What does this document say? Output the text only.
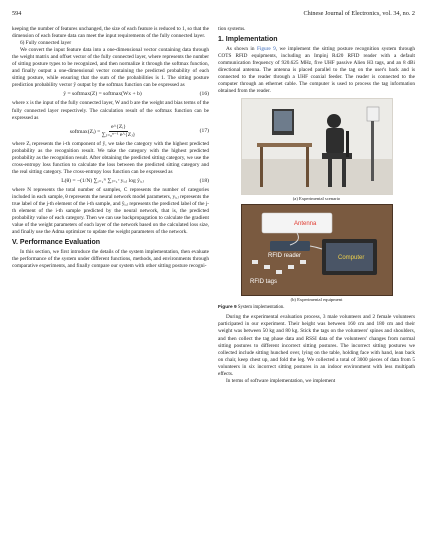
594	Chinese Journal of Electronics, vol. 34, no. 2

keeping the number of features unchanged, the size of each feature is reduced to 1, so that the dimension of each feature data can meet the input requirements of the fully connected layer.

6) Fully connected layer

We convert the input feature data into a one-dimensional vector containing data through the weight matrix and offset vector of the fully connected layer, where represents the number of sitting posture types to be recognized, and then normalize it through the softmax function, and finally output a one-dimensional vector containing the predicted probability of each sitting posture, while ensuring that the sum of the probabilities is 1. The sitting posture prediction probability vector ŷ output by the softmax function can be expressed as

ŷ = softmax(Z) = softmax(Wx + b)	(16)

where x is the input of the fully connected layer, W and b are the weight and bias terms of the fully connected layer respectively. The calculation result of the softmax function can be expressed as

softmax(Zᵢ) = $\frac{\text{e\textasciicircum{}\{Zᵢ\}}}{\text{∑ⱼ₌₀ⁿ⁻¹ e\textasciicircum{}\{Zⱼ\}}}$	(17)

where Zᵢ represents the i-th component of ŷ, we take the category with the highest predicted probability as the recognition result. We take the category with the highest predicted probability as the recognition result. After obtaining the predicted sitting category, we use the cross-entropy loss function to calculate the loss between the predicted sitting category and the real sitting category. The cross-entropy loss function can be expressed as

L(θ) = −(1/N) ∑ᵢ₌₁ᴺ ∑ⱼ₌₁ᶜ yᵢ,ⱼ log ŷᵢ,ⱼ	(18)

where N represents the total number of samples, C represents the number of categories included in each sample, θ represents the neural network model parameters, yᵢ,ⱼ represents the true label of the j-th element of the i-th sample, and ŷᵢ,ⱼ represents the predicted label of the j-th element of the i-th sample predicted by the neural network, that is, the predicted probability value of each category. Then we can use backpropagation to calculate the gradient value of the weight parameters of each layer of the network based on the calculated loss size, and finally use the Adma optimizer to update the weight parameters of the network.

V. Performance Evaluation

In this section, we first introduce the details of the system implementation, then evaluate the performance of the system under different functions, methods, and environments through comparative experiments, and finally compare our system with other sitting posture recogni-

tion systems.

1. Implementation

As shown in Figure 9, we implement the sitting posture recognition system through COTS RFID equipments, including an Impinj R420 RFID reader with a default communication frequency of 920.625 MHz, five UHF passive Alien H3 tags, and an 8 dBi directional antenna. The antenna is placed parallel to the tag on the user's back and is connected to the reader through a UHF coaxial feeder. The reader is connected to the computer through an ethernet cable. The computer is used to process the tag information obtained from the reader.

(a) Experimental scenario
Antenna
RFID reader	Computer
RFID tags
(b) Experimental equipment
Figure 9 System implementation.

During the experimental evaluation process, 3 male volunteers and 2 female volunteers participated in our experiment. Their height was between 160 cm and 180 cm and their weight was between 50 kg and 80 kg. Stick the tags on the volunteers' spines and shoulders, and then collect the tag phase data and RSSI data of the volunteers' changes from normal sitting postures to different incorrect sitting postures. The incorrect sitting postures we collected include sitting hunched over, lying on the table, holding face with hand, lean back on chair, keep chest up, and fold the leg. We collected a total of 3000 pieces of data from 5 volunteers in six incorrect sitting postures in an indoor environment with less multipath effects.

In terms of software implementation, we implement
